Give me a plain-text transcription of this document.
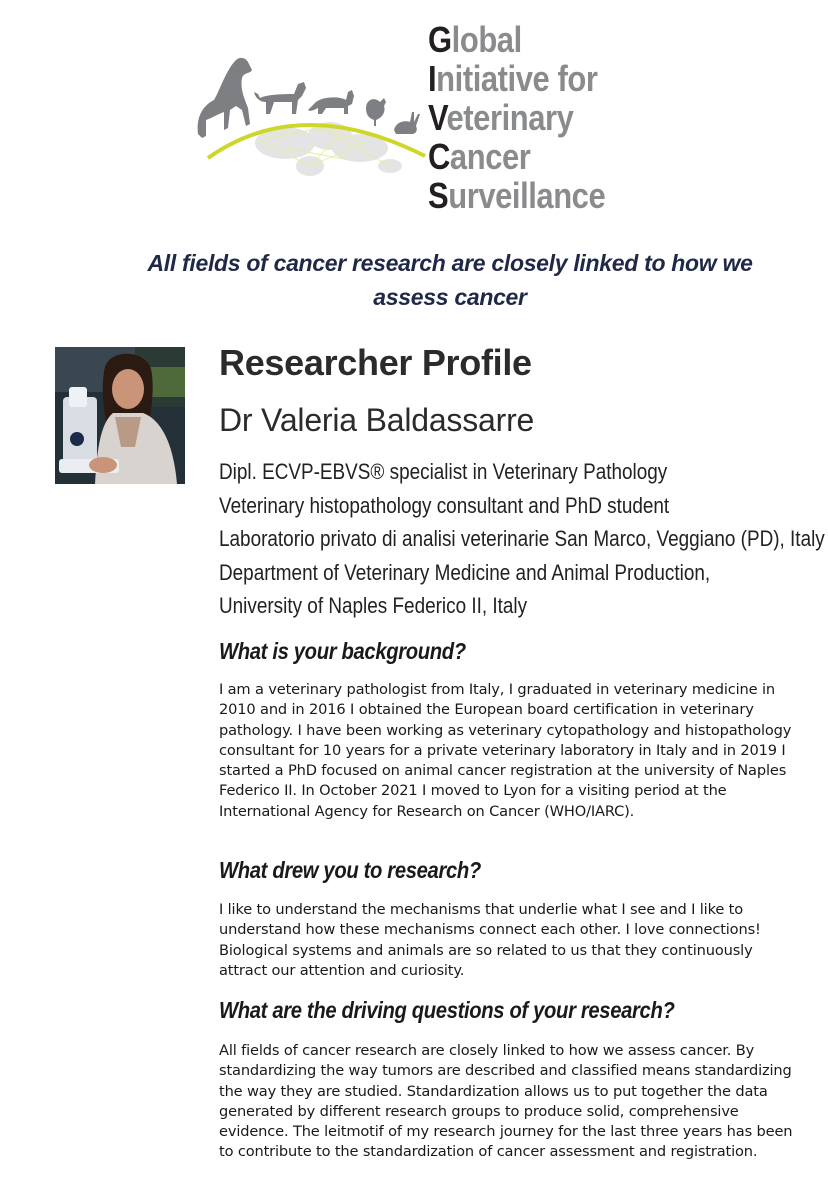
Global
Initiative for
Veterinary
Cancer
Surveillance
All fields of cancer research are closely linked to how we assess cancer
Researcher Profile
Dr Valeria Baldassarre
Dipl. ECVP-EBVS® specialist in Veterinary Pathology
Veterinary histopathology consultant and PhD student
Laboratorio privato di analisi veterinarie San Marco, Veggiano (PD), Italy
Department of Veterinary Medicine and Animal Production,
University of Naples Federico II, Italy
What is your background?

I am a veterinary pathologist from Italy, I graduated in veterinary medicine in 2010 and in 2016 I obtained the European board certification in veterinary pathology. I have been working as veterinary cytopathology and histopathology consultant for 10 years for a private veterinary laboratory in Italy and in 2019 I started a PhD focused on animal cancer registration at the university of Naples Federico II. In October 2021 I moved to Lyon for a visiting period at the International Agency for Research on Cancer (WHO/IARC).

What drew you to research?

I like to understand the mechanisms that underlie what I see and I like to understand how these mechanisms connect each other. I love connections! Biological systems and animals are so related to us that they continuously attract our attention and curiosity.

What are the driving questions of your research?

All fields of cancer research are closely linked to how we assess cancer. By standardizing the way tumors are described and classified means standardizing the way they are studied. Standardization allows us to put together the data generated by different research groups to produce solid, comprehensive evidence. The leitmotif of my research journey for the last three years has been to contribute to the standardization of cancer assessment and registration.
